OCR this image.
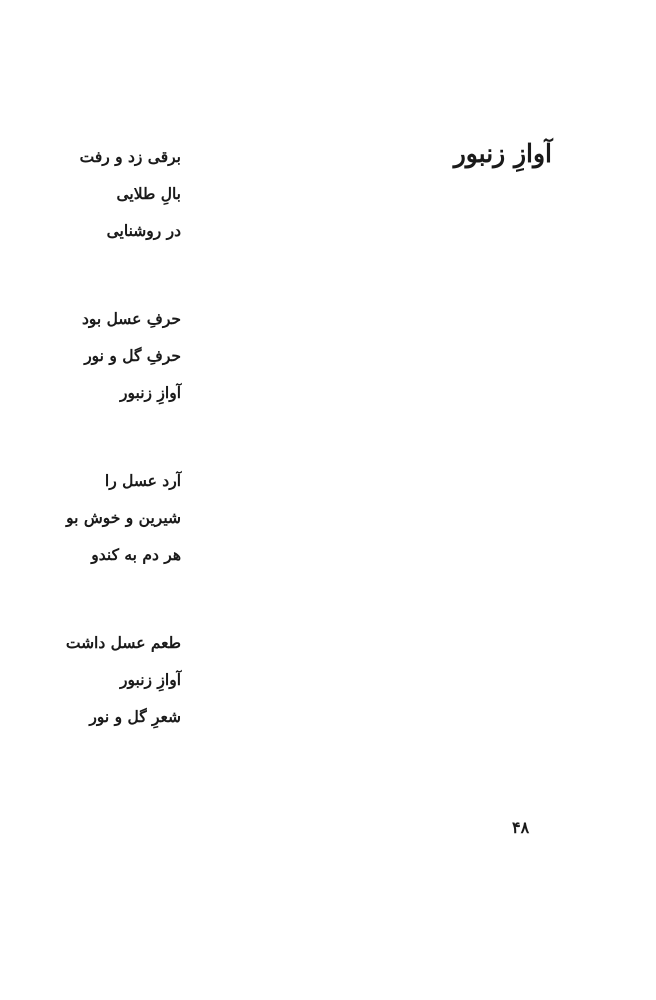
آوازِ زنبور
برقی زد و رفت
بالِ طلایی
در روشنایی
حرفِ عسل بود
حرفِ گل و نور
آوازِ زنبور
آرد عسل را
شیرین و خوش بو
هر دم به کندو
طعم عسل داشت
آوازِ زنبور
شعرِ گل و نور
۴۸
